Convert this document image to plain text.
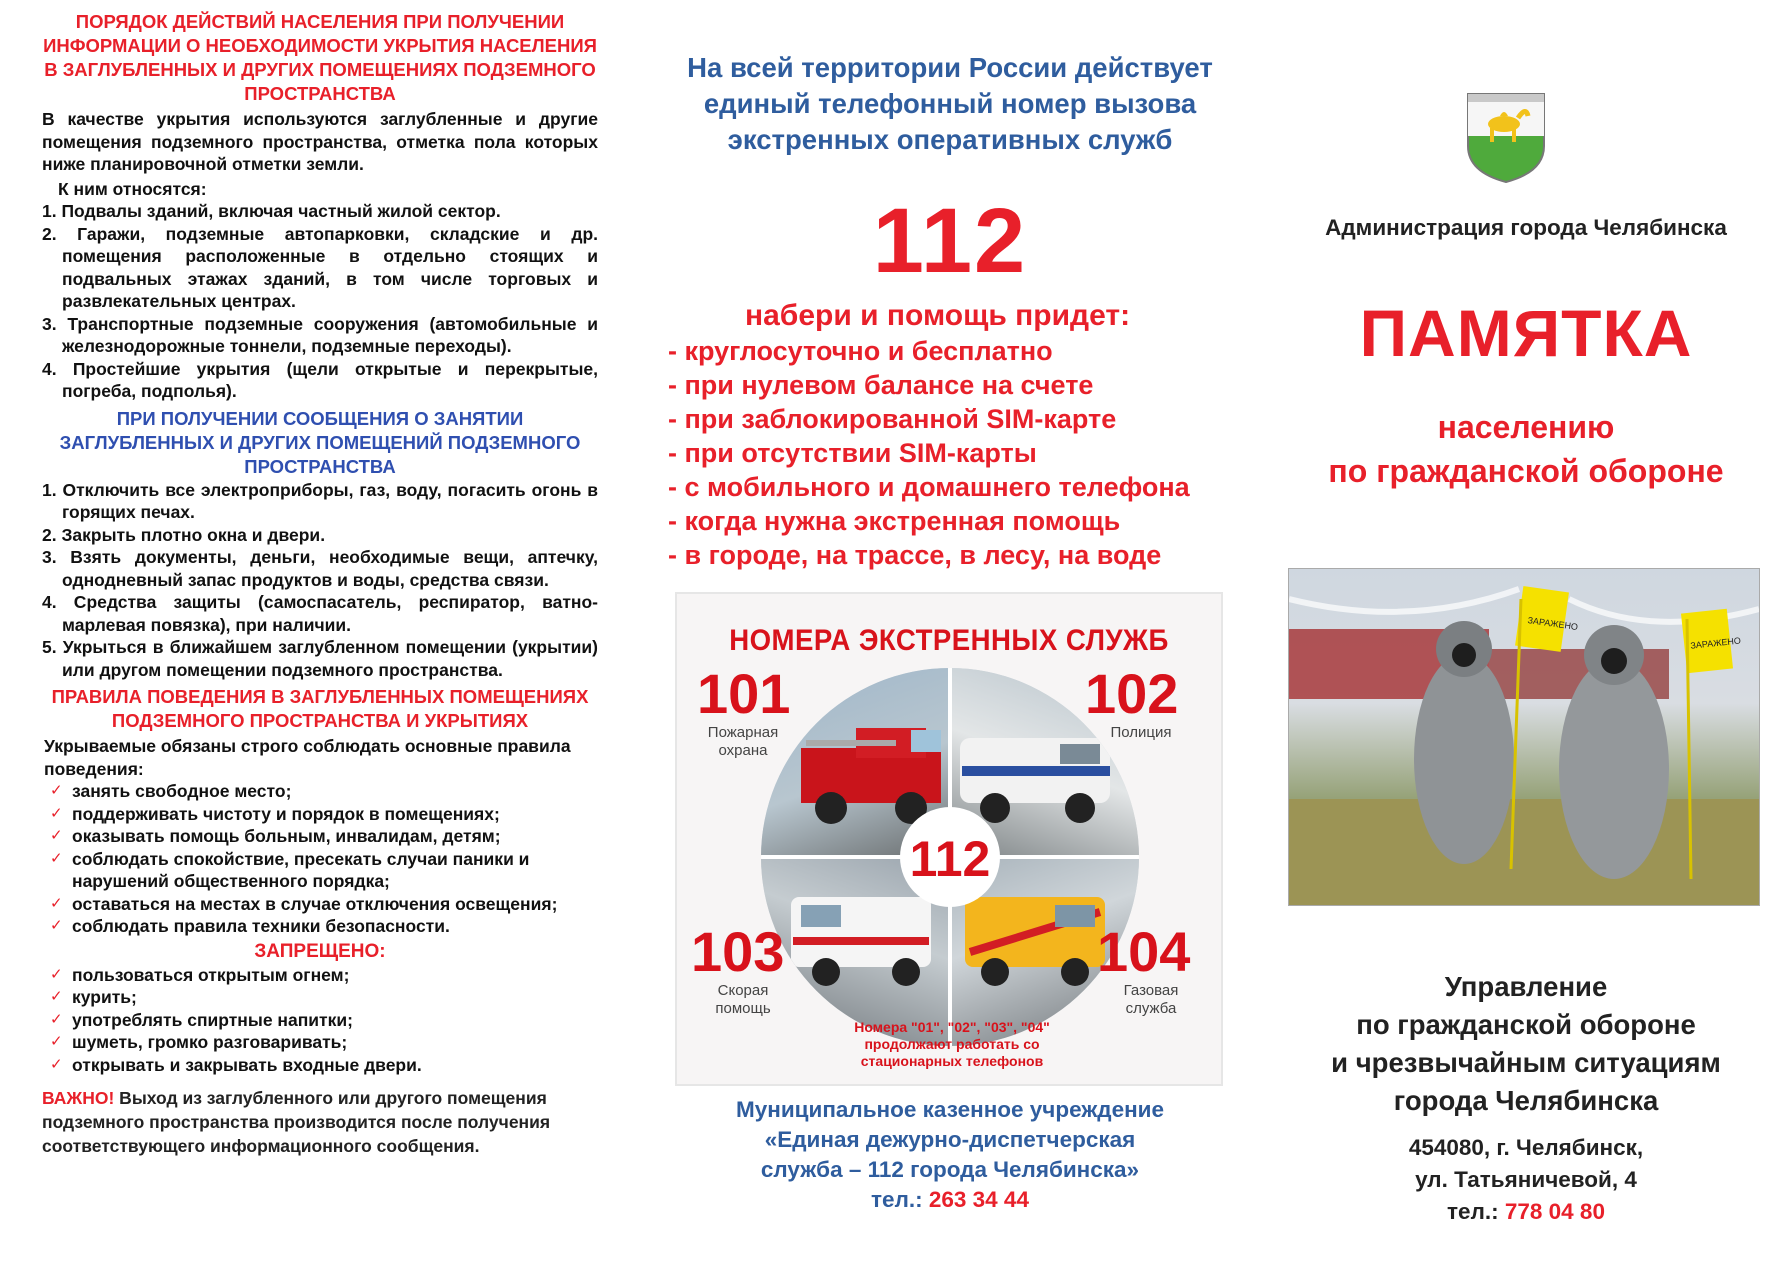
ПОРЯДОК ДЕЙСТВИЙ НАСЕЛЕНИЯ ПРИ ПОЛУЧЕНИИ ИНФОРМАЦИИ О НЕОБХОДИМОСТИ УКРЫТИЯ НАСЕЛЕНИЯ В ЗАГЛУБЛЕННЫХ И ДРУГИХ ПОМЕЩЕНИЯХ ПОДЗЕМНОГО ПРОСТРАНСТВА

В качестве укрытия используются заглубленные и другие помещения подземного пространства, отметка пола которых ниже планировочной отметки земли.

К ним относятся:
1. Подвалы зданий, включая частный жилой сектор.
2. Гаражи, подземные автопарковки, складские и др. помещения расположенные в отдельно стоящих и подвальных этажах зданий, в том числе торговых и развлекательных центрах.
3. Транспортные подземные сооружения (автомобильные и железнодорожные тоннели, подземные переходы).
4. Простейшие укрытия (щели открытые и перекрытые, погреба, подполья).
ПРИ ПОЛУЧЕНИИ СООБЩЕНИЯ О ЗАНЯТИИ ЗАГЛУБЛЕННЫХ И ДРУГИХ ПОМЕЩЕНИЙ ПОДЗЕМНОГО ПРОСТРАНСТВА
1. Отключить все электроприборы, газ, воду, погасить огонь в горящих печах.
2. Закрыть плотно окна и двери.
3. Взять документы, деньги, необходимые вещи, аптечку, однодневный запас продуктов и воды, средства связи.
4. Средства защиты (самоспасатель, респиратор, ватно-марлевая повязка), при наличии.
5. Укрыться в ближайшем заглубленном помещении (укрытии) или другом помещении подземного пространства.
ПРАВИЛА ПОВЕДЕНИЯ В ЗАГЛУБЛЕННЫХ ПОМЕЩЕНИЯХ ПОДЗЕМНОГО ПРОСТРАНСТВА И УКРЫТИЯХ
Укрываемые обязаны строго соблюдать основные правила поведения:
✓ занять свободное место;
✓ поддерживать чистоту и порядок в помещениях;
✓ оказывать помощь больным, инвалидам, детям;
✓ соблюдать спокойствие, пресекать случаи паники и нарушений общественного порядка;
✓ оставаться на местах в случае отключения освещения;
✓ соблюдать правила техники безопасности.
ЗАПРЕЩЕНО:
✓ пользоваться открытым огнем;
✓ курить;
✓ употреблять спиртные напитки;
✓ шуметь, громко разговаривать;
✓ открывать и закрывать входные двери.
ВАЖНО! Выход из заглубленного или другого помещения подземного пространства производится после получения соответствующего информационного сообщения.
На всей территории России действует единый телефонный номер вызова экстренных оперативных служб
112
набери и помощь придет:
- круглосуточно и бесплатно
- при нулевом балансе на счете
- при заблокированной SIM-карте
- при отсутствии SIM-карты
- с мобильного и домашнего телефона
- когда нужна экстренная помощь
- в городе, на трассе, в лесу, на воде
НОМЕРА ЭКСТРЕННЫХ СЛУЖБ
112
101
Пожарная охрана
102
Полиция
103
Скорая помощь
104
Газовая служба
Номера "01", "02", "03", "04" продолжают работать со стационарных телефонов
Муниципальное казенное учреждение
«Единая дежурно-диспетчерская
служба – 112 города Челябинска»
тел.: 263 34 44
Администрация города Челябинска
ПАМЯТКА
населению
по гражданской обороне
ЗАРАЖЕНО
ЗАРАЖЕНО
Управление
по гражданской обороне
и чрезвычайным ситуациям
города Челябинска
454080, г. Челябинск,
ул. Татьяничевой, 4
тел.: 778 04 80
